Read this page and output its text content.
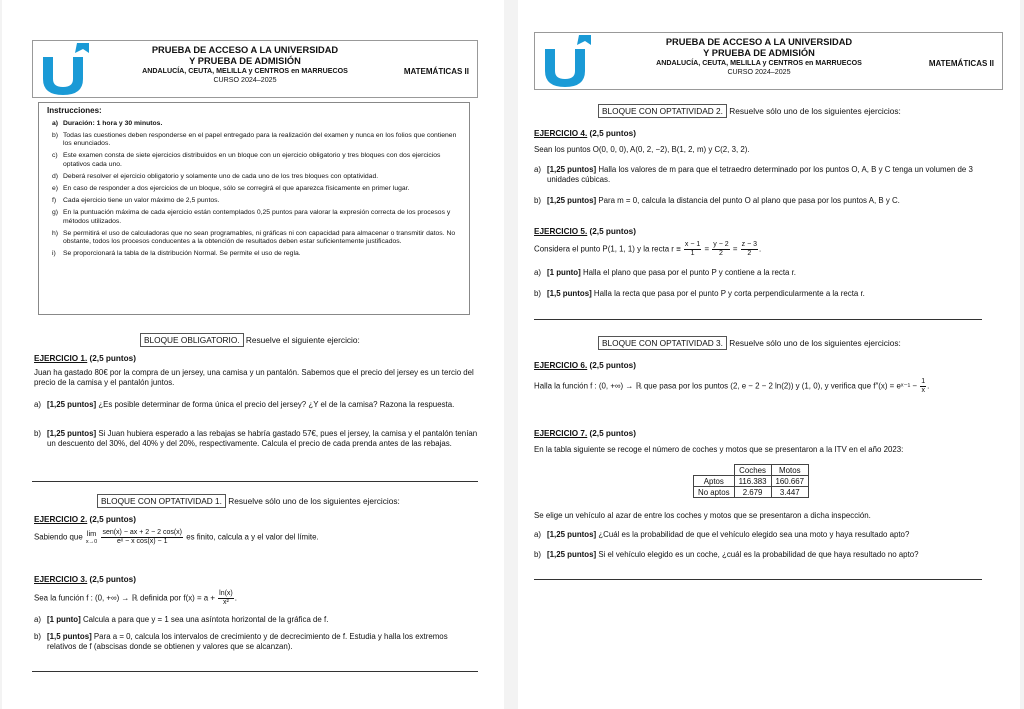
PRUEBA DE ACCESO A LA UNIVERSIDAD
Y PRUEBA DE ADMISIÓN
ANDALUCÍA, CEUTA, MELILLA y CENTROS en MARRUECOS
CURSO 2024–2025
MATEMÁTICAS II
Instrucciones:
a) Duración: 1 hora y 30 minutos.
b) Todas las cuestiones deben responderse en el papel entregado para la realización del examen y nunca en los folios que contienen los enunciados.
c) Este examen consta de siete ejercicios distribuidos en un bloque con un ejercicio obligatorio y tres bloques con dos ejercicios optativos cada uno.
d) Deberá resolver el ejercicio obligatorio y solamente uno de cada uno de los tres bloques con optatividad.
e) En caso de responder a dos ejercicios de un bloque, sólo se corregirá el que aparezca físicamente en primer lugar.
f) Cada ejercicio tiene un valor máximo de 2,5 puntos.
g) En la puntuación máxima de cada ejercicio están contemplados 0,25 puntos para valorar la expresión correcta de los procesos y métodos utilizados.
h) Se permitirá el uso de calculadoras que no sean programables, ni gráficas ni con capacidad para almacenar o transmitir datos. No obstante, todos los procesos conducentes a la obtención de resultados deben estar suficientemente justificados.
i) Se proporcionará la tabla de la distribución Normal. Se permite el uso de regla.
BLOQUE OBLIGATORIO. Resuelve el siguiente ejercicio:
EJERCICIO 1. (2,5 puntos)
Juan ha gastado 80€ por la compra de un jersey, una camisa y un pantalón. Sabemos que el precio del jersey es un tercio del precio de la camisa y el pantalón juntos.
a) [1,25 puntos] ¿Es posible determinar de forma única el precio del jersey? ¿Y el de la camisa? Razona la respuesta.
b) [1,25 puntos] Si Juan hubiera esperado a las rebajas se habría gastado 57€, pues el jersey, la camisa y el pantalón tenían un descuento del 30%, del 40% y del 20%, respectivamente. Calcula el precio de cada prenda antes de las rebajas.
BLOQUE CON OPTATIVIDAD 1. Resuelve sólo uno de los siguientes ejercicios:
EJERCICIO 2. (2,5 puntos)
Sabiendo que lim
x→0
$\frac{\text{sen(x) − ax + 2 − 2 cos(x)}}{\text{eˣ − x cos(x) − 1}}$ es finito, calcula a y el valor del límite.
EJERCICIO 3. (2,5 puntos)
Sea la función f : (0, +∞) → ℝ definida por $f(x) = a + \frac{\ln(x)}{\text{x²}}$ .
a) [1 punto] Calcula a para que y = 1 sea una asíntota horizontal de la gráfica de f.
b) [1,5 puntos] Para a = 0, calcula los intervalos de crecimiento y de decrecimiento de f. Estudia y halla los extremos relativos de f (abscisas donde se obtienen y valores que se alcanzan).
PRUEBA DE ACCESO A LA UNIVERSIDAD
Y PRUEBA DE ADMISIÓN
ANDALUCÍA, CEUTA, MELILLA y CENTROS en MARRUECOS
CURSO 2024–2025
MATEMÁTICAS II
BLOQUE CON OPTATIVIDAD 2. Resuelve sólo uno de los siguientes ejercicios:
EJERCICIO 4. (2,5 puntos)
Sean los puntos O(0, 0, 0), A(0, 2, −2), B(1, 2, m) y C(2, 3, 2).
a) [1,25 puntos] Halla los valores de m para que el tetraedro determinado por los puntos O, A, B y C tenga un volumen de 3 unidades cúbicas.
b) [1,25 puntos] Para m = 0, calcula la distancia del punto O al plano que pasa por los puntos A, B y C.
EJERCICIO 5. (2,5 puntos)
Considera el punto P(1, 1, 1) y la recta $r \equiv \frac{x - 1}{1} = \frac{y - 2}{2} = \frac{z - 3}{2}$ .
a) [1 punto] Halla el plano que pasa por el punto P y contiene a la recta r.
b) [1,5 puntos] Halla la recta que pasa por el punto P y corta perpendicularmente a la recta r.
BLOQUE CON OPTATIVIDAD 3. Resuelve sólo uno de los siguientes ejercicios:
EJERCICIO 6. (2,5 puntos)
Halla la función f : (0, +∞) → ℝ que pasa por los puntos (2, e − 2 − 2 ln(2)) y (1, 0), y verifica que f″(x) = eˣ⁻¹ − $\frac{1}{x}$ .
EJERCICIO 7. (2,5 puntos)
En la tabla siguiente se recoge el número de coches y motos que se presentaron a la ITV en el año 2023:
	Coches	Motos
Aptos	116.383	160.667
No aptos	2.679	3.447
Se elige un vehículo al azar de entre los coches y motos que se presentaron a dicha inspección.
a) [1,25 puntos] ¿Cuál es la probabilidad de que el vehículo elegido sea una moto y haya resultado apto?
b) [1,25 puntos] Si el vehículo elegido es un coche, ¿cuál es la probabilidad de que haya resultado no apto?
